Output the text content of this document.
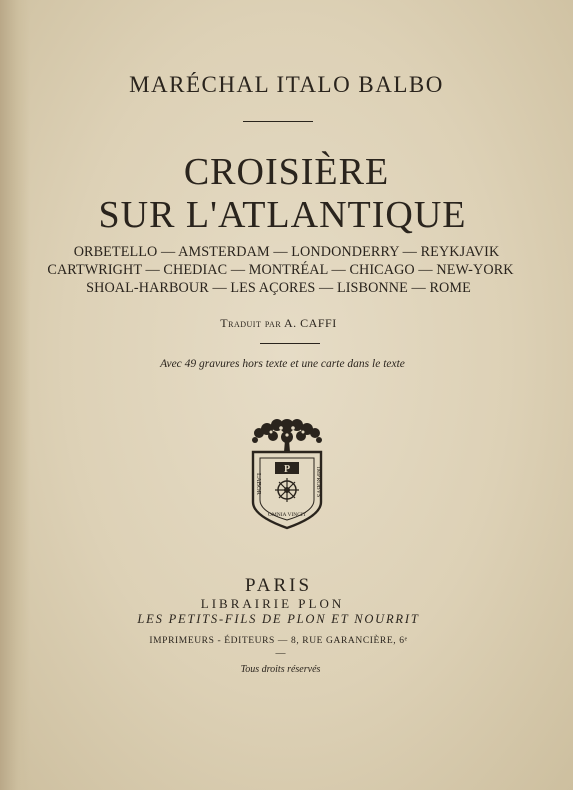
MARÉCHAL ITALO BALBO
CROISIÈRE
SUR L'ATLANTIQUE
ORBETELLO — AMSTERDAM — LONDONDERRY — REYKJAVIK
CARTWRIGHT — CHEDIAC — MONTRÉAL — CHICAGO — NEW-YORK
SHOAL-HARBOUR — LES AÇORES — LISBONNE — ROME
Traduit par A. CAFFI
Avec 49 gravures hors texte et une carte dans le texte
P
LABOR	IMPROBVS
OMNIA VINCIT
PARIS
LIBRAIRIE PLON
LES PETITS-FILS DE PLON ET NOURRIT
IMPRIMEURS - ÉDITEURS — 8, RUE GARANCIÈRE, 6ᵉ
—
Tous droits réservés
